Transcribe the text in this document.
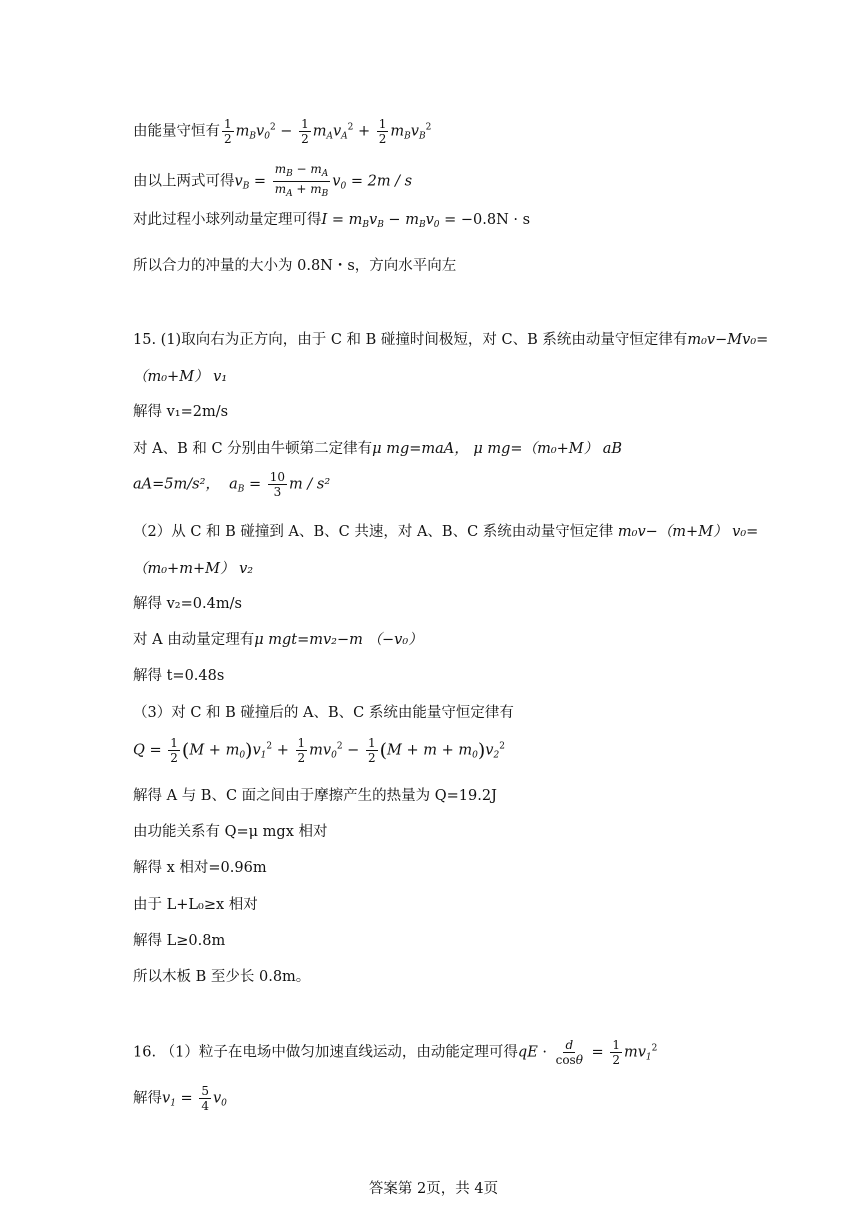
由能量守恒有 $\frac{1}{2} m_Bv_0^2 - \frac{1}{2} m_Av_A^2 + \frac{1}{2} m_Bv_B^2$
由以上两式可得$v_B = \frac{m_B - m_A}{m_A + m_B} v_0 = 2m / s$
对此过程小球列动量定理可得$I = m_Bv_B - m_Bv_0 = -0.8N \cdot s$
所以合力的冲量的大小为 0.8N・s，方向水平向左
15. (1)取向右为正方向，由于 C 和 B 碰撞时间极短，对 C、B 系统由动量守恒定律有m₀v−Mv₀=
（m₀+M） v₁
解得 v₁=2m/s
对 A、B 和 C 分别由牛顿第二定律有μ mg=maA， μ mg=（m₀+M） aB
aA=5m/s²， $a_B = \frac{10}{3}$ m / s²
（2）从 C 和 B 碰撞到 A、B、C 共速，对 A、B、C 系统由动量守恒定律 m₀v−（m+M） v₀=
（m₀+m+M） v₂
解得 v₂=0.4m/s
对 A 由动量定理有μ mgt=mv₂−m （−v₀）
解得 t=0.48s
（3）对 C 和 B 碰撞后的 A、B、C 系统由能量守恒定律有
$Q = \frac{1}{2} (M + m_0)v_1^2 + \frac{1}{2} mv_0^2 - \frac{1}{2} (M + m + m_0)v_2^2$
解得 A 与 B、C 面之间由于摩擦产生的热量为 Q=19.2J
由功能关系有 Q=μ mgx 相对
解得 x 相对=0.96m
由于 L+L₀≥x 相对
解得 L≥0.8m
所以木板 B 至少长 0.8m。
16. （1）粒子在电场中做匀加速直线运动，由动能定理可得qE · $\frac{d}{\cos\theta} = \frac{1}{2} mv_1^2$
解得$v_1 = \frac{5}{4} v_0$
答案第 2页，共 4页
